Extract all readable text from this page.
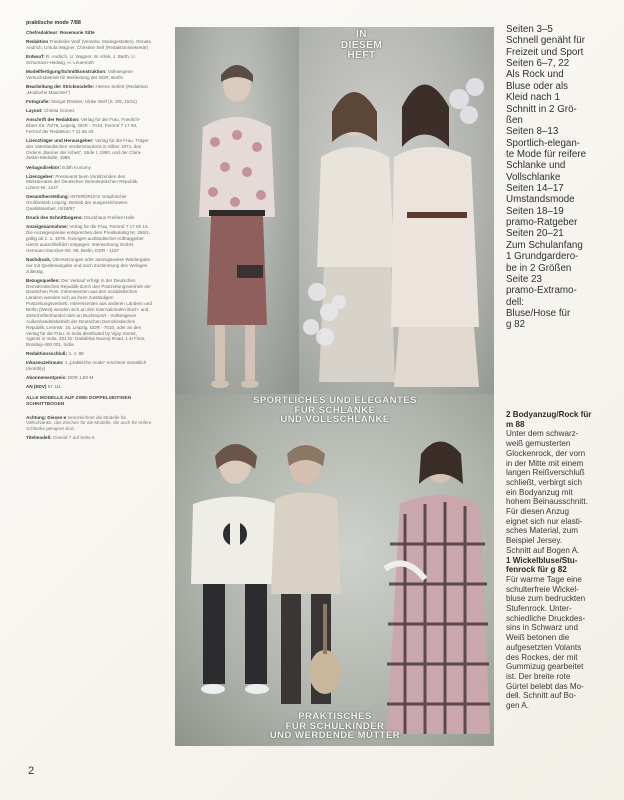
praktische mode 7/88
Chefredakteur: Rosemarie Sitte
Redaktion Friederike Wolf (Verantw. Modegestalten), Renate Andrich, Ursula Wagner, Christine Seif (Redaktionssekretär)
Entwurf: R. Andrich, U. Wagner, W. Klink, J. Barth, U. Schumann-Hedwig, H. Leuenroth
Modellfertigung/Schnittkonstruktion: Volkseigene Versuchsbetrieb für Bekleidung der DDR, Berlin
Bearbeitung der Strickmodelle: Helene Seifert (Redaktion „Modische Maschen“)
Fotografie: Margot Rössler, Ulrike Wolf (S. 8/9, 10/11)
Layout: Christa Gomez
Anschrift der Redaktion: Verlag für die Frau, Friedrich-Ebert-Str. 76/78, Leipzig, DDR - 7010, Fernruf 7 17 60, Fernruf der Redaktion 7 11 66 33
Lizenzträger und Herausgeber: Verlag für die Frau, Träger des Vaterländischen Verdienstordens in Silber 1971, des Ordens „Banner der Arbeit“, Stufe I, 1980, und der Clara-Zetkin-Medaille, 1986
Verlagsdirektor: Edith Konomy
Lizenzgeber: Presseamt beim Vorsitzenden des Ministerrates der Deutschen Demokratischen Republik, Lizenz-Nr. 1247
Gesamtherstellung: INTERDRUCK Graphischer Großbetrieb Leipzig, Betrieb der ausgezeichneten Qualitätsarbeit, III/18/97
Druck des Schnittbogens: Druckhaus Freiheit Halle
Anzeigenannahme: Verlag für die Frau, Fernruf 7 17 60 15. Die Anzeigenpreise entsprechen dem Preiskatalog Nr. 286/1, gültig ab 1. 1. 1976. Anzeigen ausländischer Auftraggeber nimmt ausschließlich entgegen: Interwerbung GmbH, Hermann-Duncker-Str. 89, Berlin, DDR - 1157
Nachdruck, Übersetzungen oder auszugsweise Wiedergabe nur mit Quellenangabe und nach Zustimmung des Verlages zulässig.
Bezugsquellen: Der Verkauf erfolgt in der Deutschen Demokratischen Republik durch den Postzeitungsvertrieb der Deutschen Post. Interessenten aus den sozialistischen Ländern wenden sich an ihren zuständigen Postzeitungsvertrieb. Interessenten aus anderen Ländern und Berlin (West) wenden sich an den internationalen Buch- und Zeitschriftenhandel oder an Buchexport - Volkseigener Außenhandelsbetrieb der Deutschen Demokratischen Republik, Leninstr. 16, Leipzig, DDR - 7010, oder an den Verlag für die Frau. In India distributed by Vijay Stores, Agents in India, 331 Dr. Dadabhai Naoroji Road, 1 st Floor, Bombay-400 001, India.
Redaktionsschluß: 4. 4. 88
Inkassozeitraum: 1 „praktische mode“ erscheint monatlich (monthly)
Abonnementpreis: DDR 1,50 M
AN (EDV) 67 111
ALLE MODELLE AUF ZWEI DOPPELSEITIGEN SCHNITTBOGEN
Achtung: Dieses ■ kennzeichnet die Modelle für Vollschlanke, das Zeichen für die Modelle, die auch für reifere Schlanke geeignet sind.
Titelmodell: Overall 7 auf Seite 6
IN
DIESEM
HEFT
SPORTLICHES UND ELEGANTES
FÜR SCHLANKE
UND VOLLSCHLANKE
PRAKTISCHES
FÜR SCHULKINDER
UND WERDENDE MÜTTER
Seiten 3–5
Schnell genäht für
Freizeit und Sport
Seiten 6–7, 22
Als Rock und
Bluse oder als
Kleid nach 1
Schnitt in 2 Grö-
ßen
Seiten 8–13
Sportlich-elegan-
te Mode für reifere
Schlanke und
Vollschlanke
Seiten 14–17
Umstandsmode
Seiten 18–19
pramo-Ratgeber
Seiten 20–21
Zum Schulanfang
1 Grundgardero-
be in 2 Größen
Seite 23
pramo-Extramo-
dell:
Bluse/Hose für
g 82
2 Bodyanzug/Rock für
m 88
Unter dem schwarz-
weiß gemusterten
Glockenrock, der vorn
in der Mitte mit einem
langen Reißverschluß
schließt, verbirgt sich
ein Bodyanzug mit
hohem Beinausschnitt.
Für diesen Anzug
eignet sich nur elasti-
sches Material, zum
Beispiel Jersey.
Schnitt auf Bogen A.
1 Wickelbluse/Stu-
fenrock für g 82
Für warme Tage eine
schulterfreie Wickel-
bluse zum bedruckten
Stufenrock. Unter-
schiedliche Druckdes-
sins in Schwarz und
Weiß betonen die
aufgesetzten Volants
des Rockes, der mit
Gummizug gearbeitet
ist. Der breite rote
Gürtel belebt das Mo-
dell. Schnitt auf Bo-
gen A.
2
